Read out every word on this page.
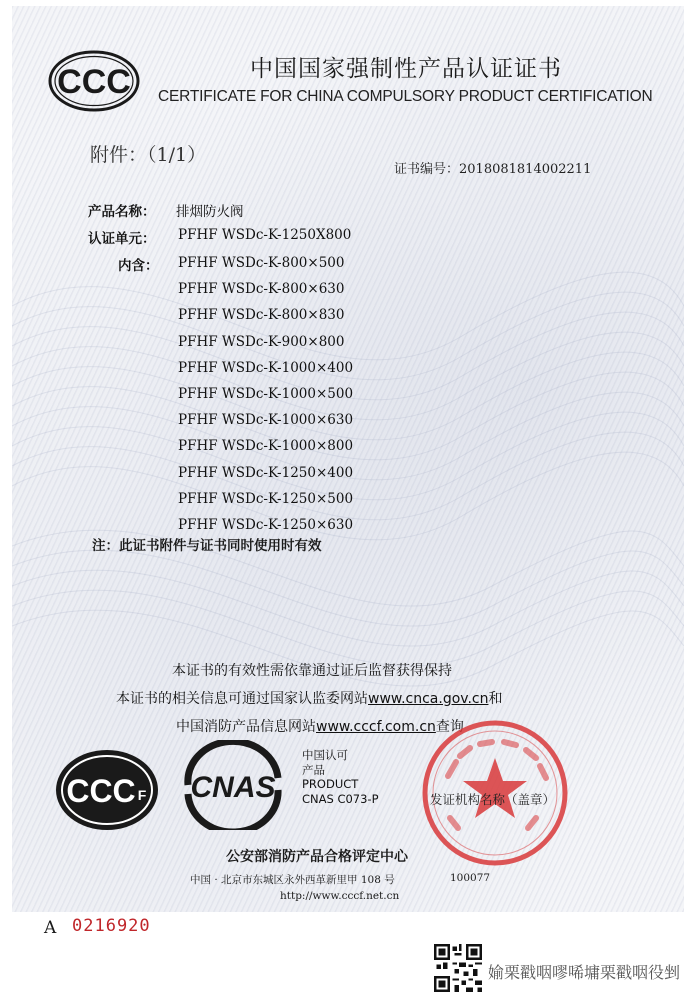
CCC	中国国家强制性产品认证证书
CERTIFICATE FOR CHINA COMPULSORY PRODUCT CERTIFICATION
附件：（1/1）
证书编号：2018081814002211
产品名称： 排烟防火阀
认证单元： PFHF WSDc-K-1250X800
内含： PFHF WSDc-K-800×500
PFHF WSDc-K-800×630
PFHF WSDc-K-800×830
PFHF WSDc-K-900×800
PFHF WSDc-K-1000×400
PFHF WSDc-K-1000×500
PFHF WSDc-K-1000×630
PFHF WSDc-K-1000×800
PFHF WSDc-K-1250×400
PFHF WSDc-K-1250×500
PFHF WSDc-K-1250×630
注：此证书附件与证书同时使用时有效
本证书的有效性需依靠通过证后监督获得保持
本证书的相关信息可通过国家认监委网站www.cnca.gov.cn和
中国消防产品信息网站www.cccf.com.cn查询
CCC F CNAS
中国认可
产品
PRODUCT
CNAS C073-P	发证机构名称（盖章）
公安部消防产品合格评定中心
中国 · 北京市东城区永外西革新里甲 108 号	100077
http://www.cccf.net.cn
A 0216920
媮栗戳咽嘐唏墉栗戳咽役剉
